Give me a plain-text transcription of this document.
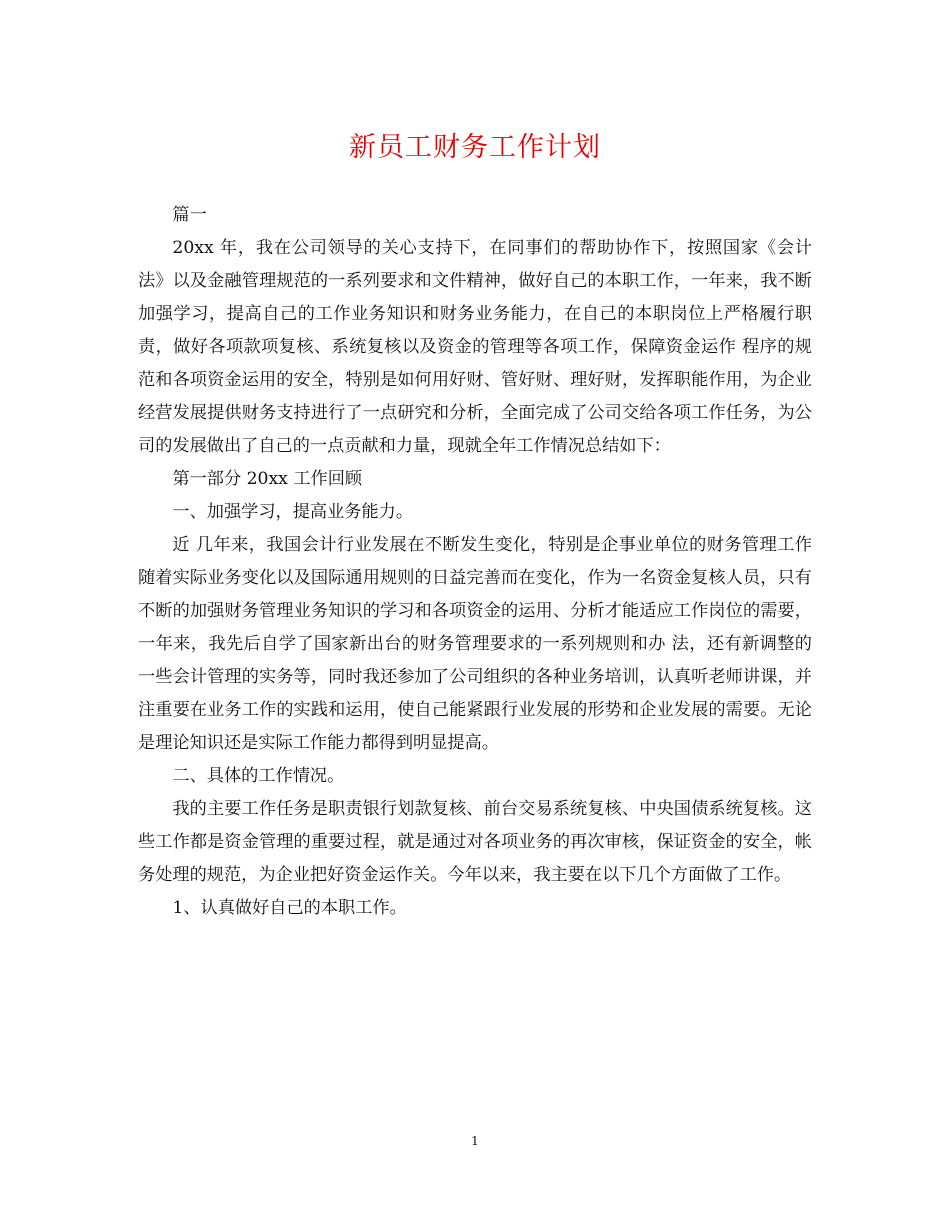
新员工财务工作计划

篇一

20xx 年，我在公司领导的关心支持下，在同事们的帮助协作下，按照国家《会计法》以及金融管理规范的一系列要求和文件精神，做好自己的本职工作，一年来，我不断加强学习，提高自己的工作业务知识和财务业务能力，在自己的本职岗位上严格履行职责，做好各项款项复核、系统复核以及资金的管理等各项工作，保障资金运作 程序的规范和各项资金运用的安全，特别是如何用好财、管好财、理好财，发挥职能作用，为企业经营发展提供财务支持进行了一点研究和分析，全面完成了公司交给各项工作任务，为公司的发展做出了自己的一点贡献和力量，现就全年工作情况总结如下：

第一部分 20xx 工作回顾

一、加强学习，提高业务能力。

近 几年来，我国会计行业发展在不断发生变化，特别是企事业单位的财务管理工作随着实际业务变化以及国际通用规则的日益完善而在变化，作为一名资金复核人员，只有不断的加强财务管理业务知识的学习和各项资金的运用、分析才能适应工作岗位的需要，一年来，我先后自学了国家新出台的财务管理要求的一系列规则和办 法，还有新调整的一些会计管理的实务等，同时我还参加了公司组织的各种业务培训，认真听老师讲课，并注重要在业务工作的实践和运用，使自己能紧跟行业发展的形势和企业发展的需要。无论是理论知识还是实际工作能力都得到明显提高。

二、具体的工作情况。

我的主要工作任务是职责银行划款复核、前台交易系统复核、中央国债系统复核。这些工作都是资金管理的重要过程，就是通过对各项业务的再次审核，保证资金的安全，帐务处理的规范，为企业把好资金运作关。今年以来，我主要在以下几个方面做了工作。

1、认真做好自己的本职工作。

1
